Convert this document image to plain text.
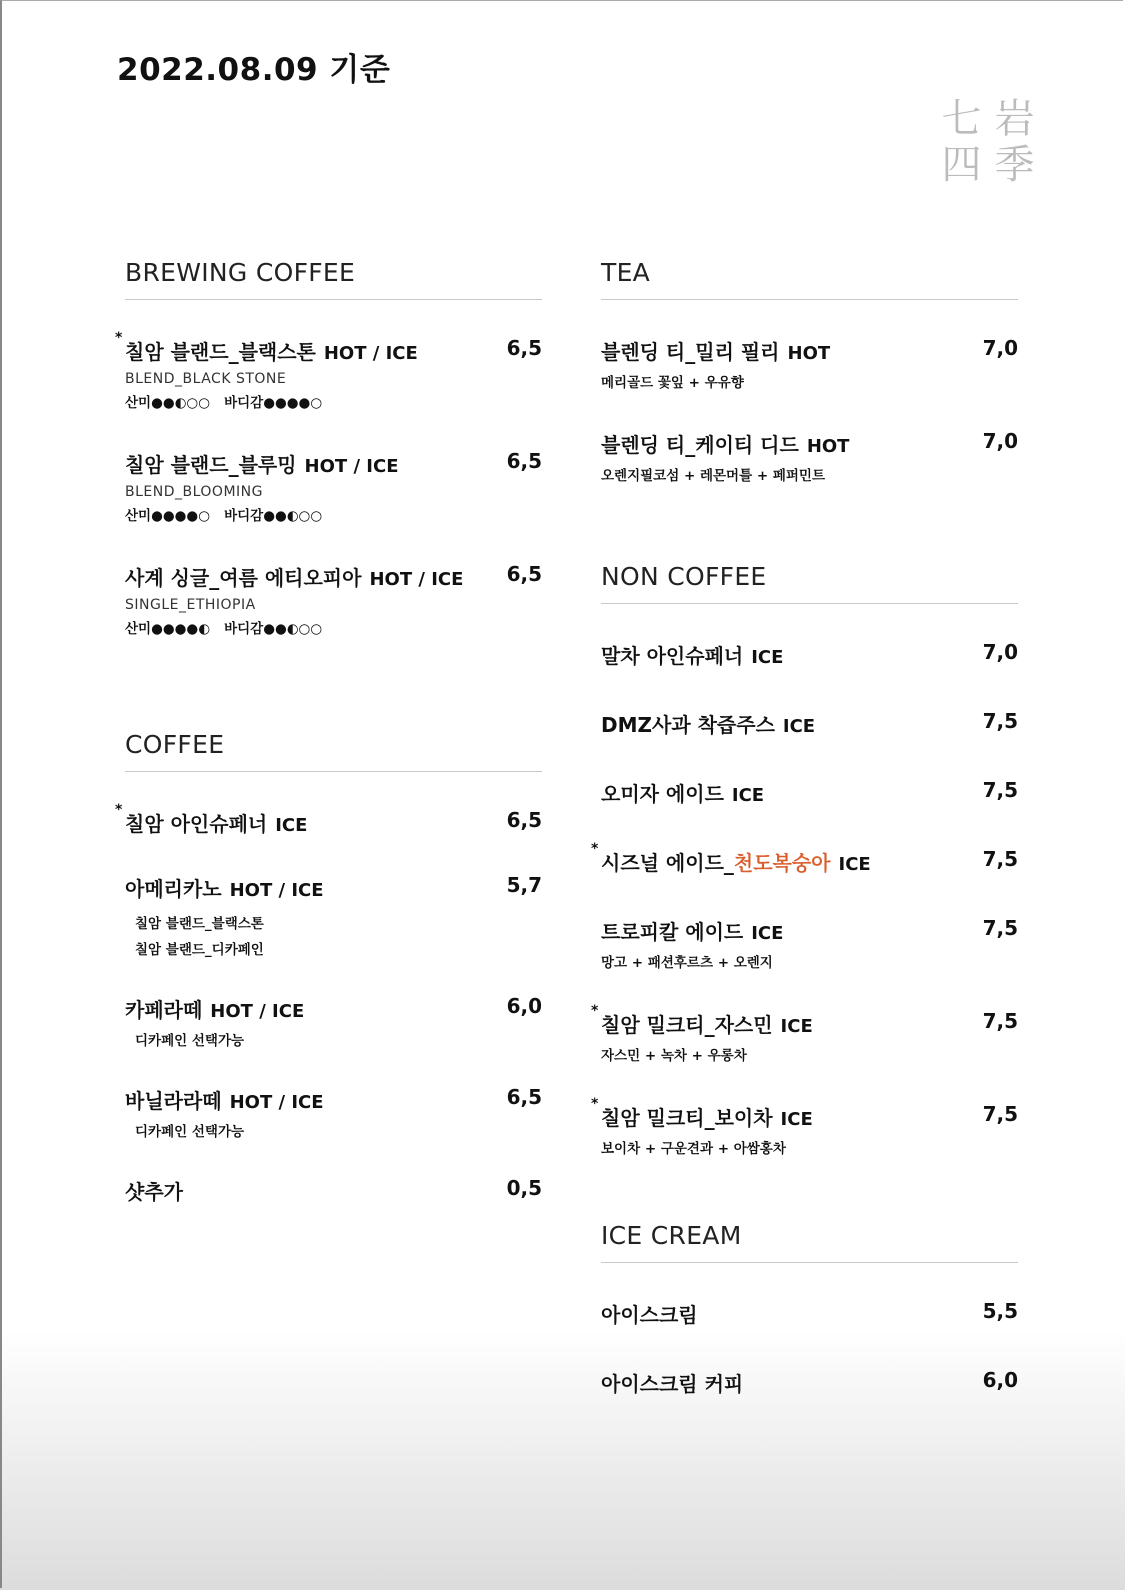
2022.08.09 기준
七 岩
四 季
BREWING COFFEE
*
칠암 블랜드_블랙스톤 HOT / ICE	6,5
BLEND_BLACK STONE
산미●●◐○○   바디감●●●●○
칠암 블랜드_블루밍 HOT / ICE	6,5
BLEND_BLOOMING
산미●●●●○   바디감●●◐○○
사계 싱글_여름 에티오피아 HOT / ICE	6,5
SINGLE_ETHIOPIA
산미●●●●◐   바디감●●◐○○
COFFEE
*
칠암 아인슈페너 ICE	6,5
아메리카노 HOT / ICE	5,7
칠암 블랜드_블랙스톤
칠암 블랜드_디카페인
카페라떼 HOT / ICE	6,0
디카페인 선택가능
바닐라라떼 HOT / ICE	6,5
디카페인 선택가능
샷추가	0,5
TEA
블렌딩 티_밀리 필리 HOT	7,0
메리골드 꽃잎 + 우유향
블렌딩 티_케이티 디드 HOT	7,0
오렌지필코섬 + 레몬머틀 + 페퍼민트
NON COFFEE
말차 아인슈페너 ICE	7,0
DMZ사과 착즙주스 ICE	7,5
오미자 에이드 ICE	7,5
*
시즈널 에이드_천도복숭아 ICE	7,5
트로피칼 에이드 ICE	7,5
망고 + 패션후르츠 + 오렌지
*
칠암 밀크티_자스민 ICE	7,5
자스민 + 녹차 + 우롱차
*
칠암 밀크티_보이차 ICE	7,5
보이차 + 구운견과 + 아쌈홍차
ICE CREAM
아이스크림	5,5
아이스크림 커피	6,0
